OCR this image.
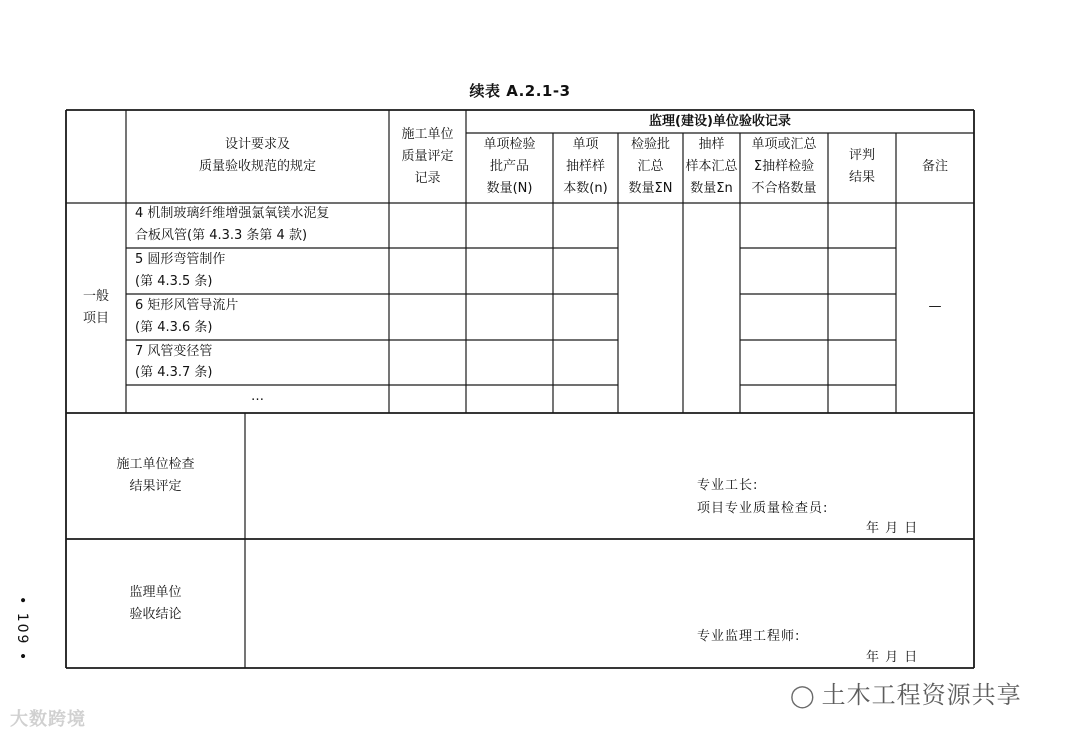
续表 A.2.1-3
设计要求及
质量验收规范的规定
施工单位
质量评定
记录
监理(建设)单位验收记录
单项检验
批产品
数量(N)
单项
抽样样
本数(n)
检验批
汇总
数量ΣN
抽样
样本汇总
数量Σn
单项或汇总
Σ抽样检验
不合格数量
评判
结果
备注
一般
项目
4 机制玻璃纤维增强氯氧镁水泥复
合板风管(第 4.3.3 条第 4 款)
5 圆形弯管制作
(第 4.3.5 条)
6 矩形风管导流片
(第 4.3.6 条)
7 风管变径管
(第 4.3.7 条)
…
—
施工单位检查
结果评定	专业工长:
项目专业质量检查员:
年 月 日
监理单位
验收结论
专业监理工程师:
年 月 日
• 109 •
大数跨境
◯ 土木工程资源共享
